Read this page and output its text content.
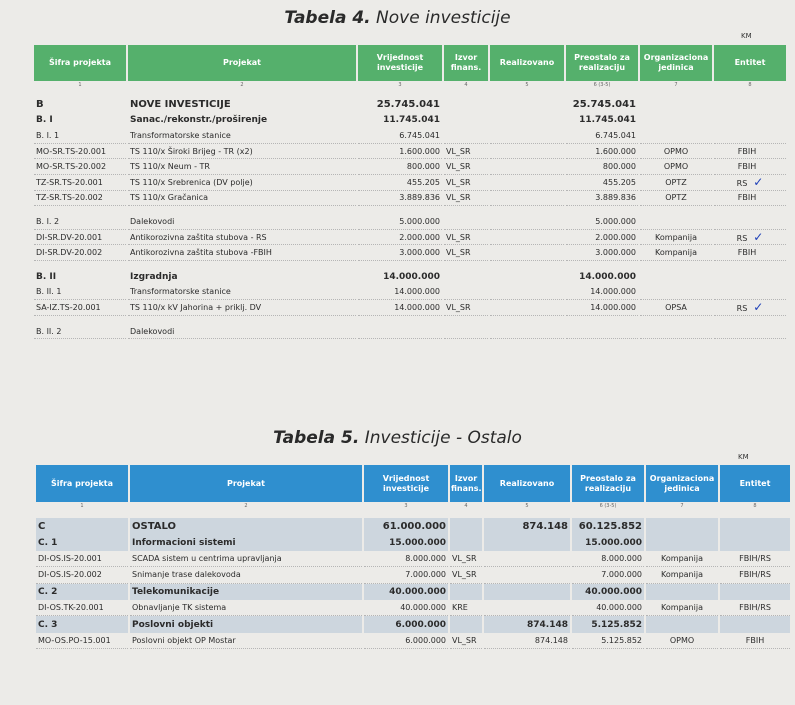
Tabela 4. Nove investicije
KM
Šifra projekta	Projekat	Vrijednost investicije	Izvor finans.	Realizovano	Preostalo za realizaciju	Organizaciona jedinica	Entitet
1	2	3	4	5	6 (3-5)	7	8

B	NOVE INVESTICIJE	25.745.041			25.745.041		
B. I	Sanac./rekonstr./proširenje	11.745.041			11.745.041		
B. I. 1	Transformatorske stanice	6.745.041			6.745.041		
MO-SR.TS-20.001	TS 110/x Široki Brijeg - TR (x2)	1.600.000	VL_SR		1.600.000	OPMO	FBIH
MO-SR.TS-20.002	TS 110/x Neum - TR	800.000	VL_SR		800.000	OPMO	FBIH
TZ-SR.TS-20.001	TS 110/x Srebrenica (DV polje)	455.205	VL_SR		455.205	OPTZ	RS ✓
TZ-SR.TS-20.002	TS 110/x Gračanica	3.889.836	VL_SR		3.889.836	OPTZ	FBIH

B. I. 2	Dalekovodi	5.000.000			5.000.000		
DI-SR.DV-20.001	Antikorozivna zaštita stubova - RS	2.000.000	VL_SR		2.000.000	Kompanija	RS ✓
DI-SR.DV-20.002	Antikorozivna zaštita stubova -FBIH	3.000.000	VL_SR		3.000.000	Kompanija	FBIH

B. II	Izgradnja	14.000.000			14.000.000		
B. II. 1	Transformatorske stanice	14.000.000			14.000.000		
SA-IZ.TS-20.001	TS 110/x kV Jahorina + priklj. DV	14.000.000	VL_SR		14.000.000	OPSA	RS ✓

B. II. 2	Dalekovodi						
Tabela 5. Investicije - Ostalo
KM
Šifra projekta	Projekat	Vrijednost investicije	Izvor finans.	Realizovano	Preostalo za realizaciju	Organizaciona jedinica	Entitet
1	2	3	4	5	6 (3-5)	7	8

C	OSTALO	61.000.000		874.148	60.125.852		
C. 1	Informacioni sistemi	15.000.000			15.000.000		
DI-OS.IS-20.001	SCADA sistem u centrima upravljanja	8.000.000	VL_SR		8.000.000	Kompanija	FBIH/RS
DI-OS.IS-20.002	Snimanje trase dalekovoda	7.000.000	VL_SR		7.000.000	Kompanija	FBIH/RS
C. 2	Telekomunikacije	40.000.000			40.000.000		
DI-OS.TK-20.001	Obnavljanje TK sistema	40.000.000	KRE		40.000.000	Kompanija	FBIH/RS
C. 3	Poslovni objekti	6.000.000		874.148	5.125.852		
MO-OS.PO-15.001	Poslovni objekt OP Mostar	6.000.000	VL_SR	874.148	5.125.852	OPMO	FBIH
